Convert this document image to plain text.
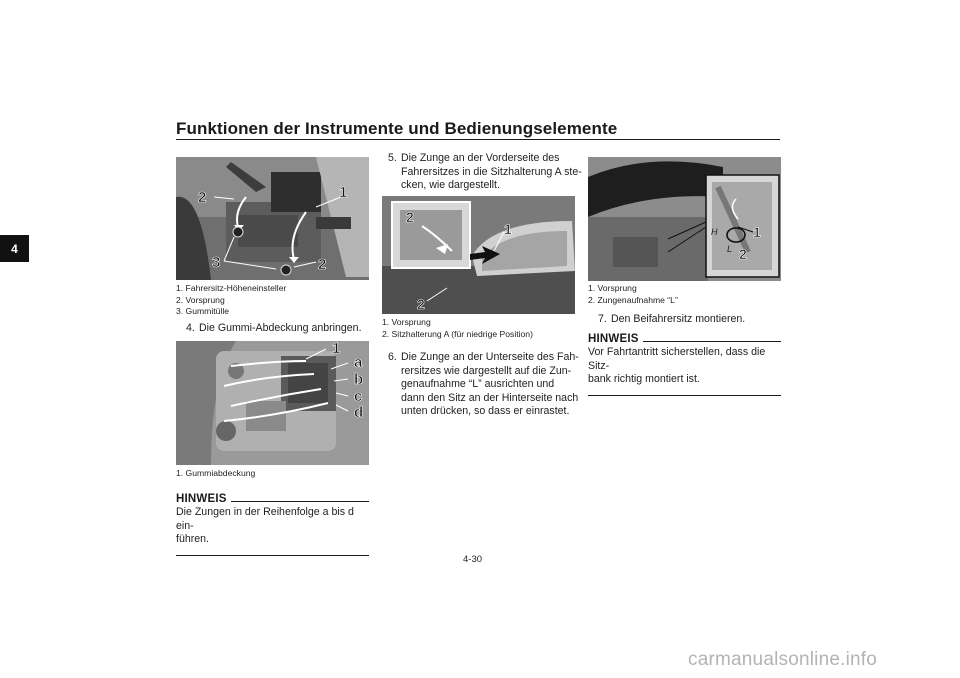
Funktionen der Instrumente und Bedienungselemente
4
2	1
3	2
1. Fahrersitz-Höheneinsteller
2. Vorsprung
3. Gummitülle
4. Die Gummi-Abdeckung anbringen.
1
a
b
c
d
1. Gummiabdeckung
HINWEIS
Die Zungen in der Reihenfolge a bis d ein-
führen.
5. Die Zunge an der Vorderseite des
Fahrersitzes in die Sitzhalterung A ste-
cken, wie dargestellt.
2
1
2
1. Vorsprung
2. Sitzhalterung A (für niedrige Position)
6. Die Zunge an der Unterseite des Fah-
rersitzes wie dargestellt auf die Zun-
genaufnahme “L” ausrichten und
dann den Sitz an der Hinterseite nach
unten drücken, so dass er einrastet.
H
L
1
2
1. Vorsprung
2. Zungenaufnahme “L”
7. Den Beifahrersitz montieren.
HINWEIS
Vor Fahrtantritt sicherstellen, dass die Sitz-
bank richtig montiert ist.
4-30
carmanualsonline.info
